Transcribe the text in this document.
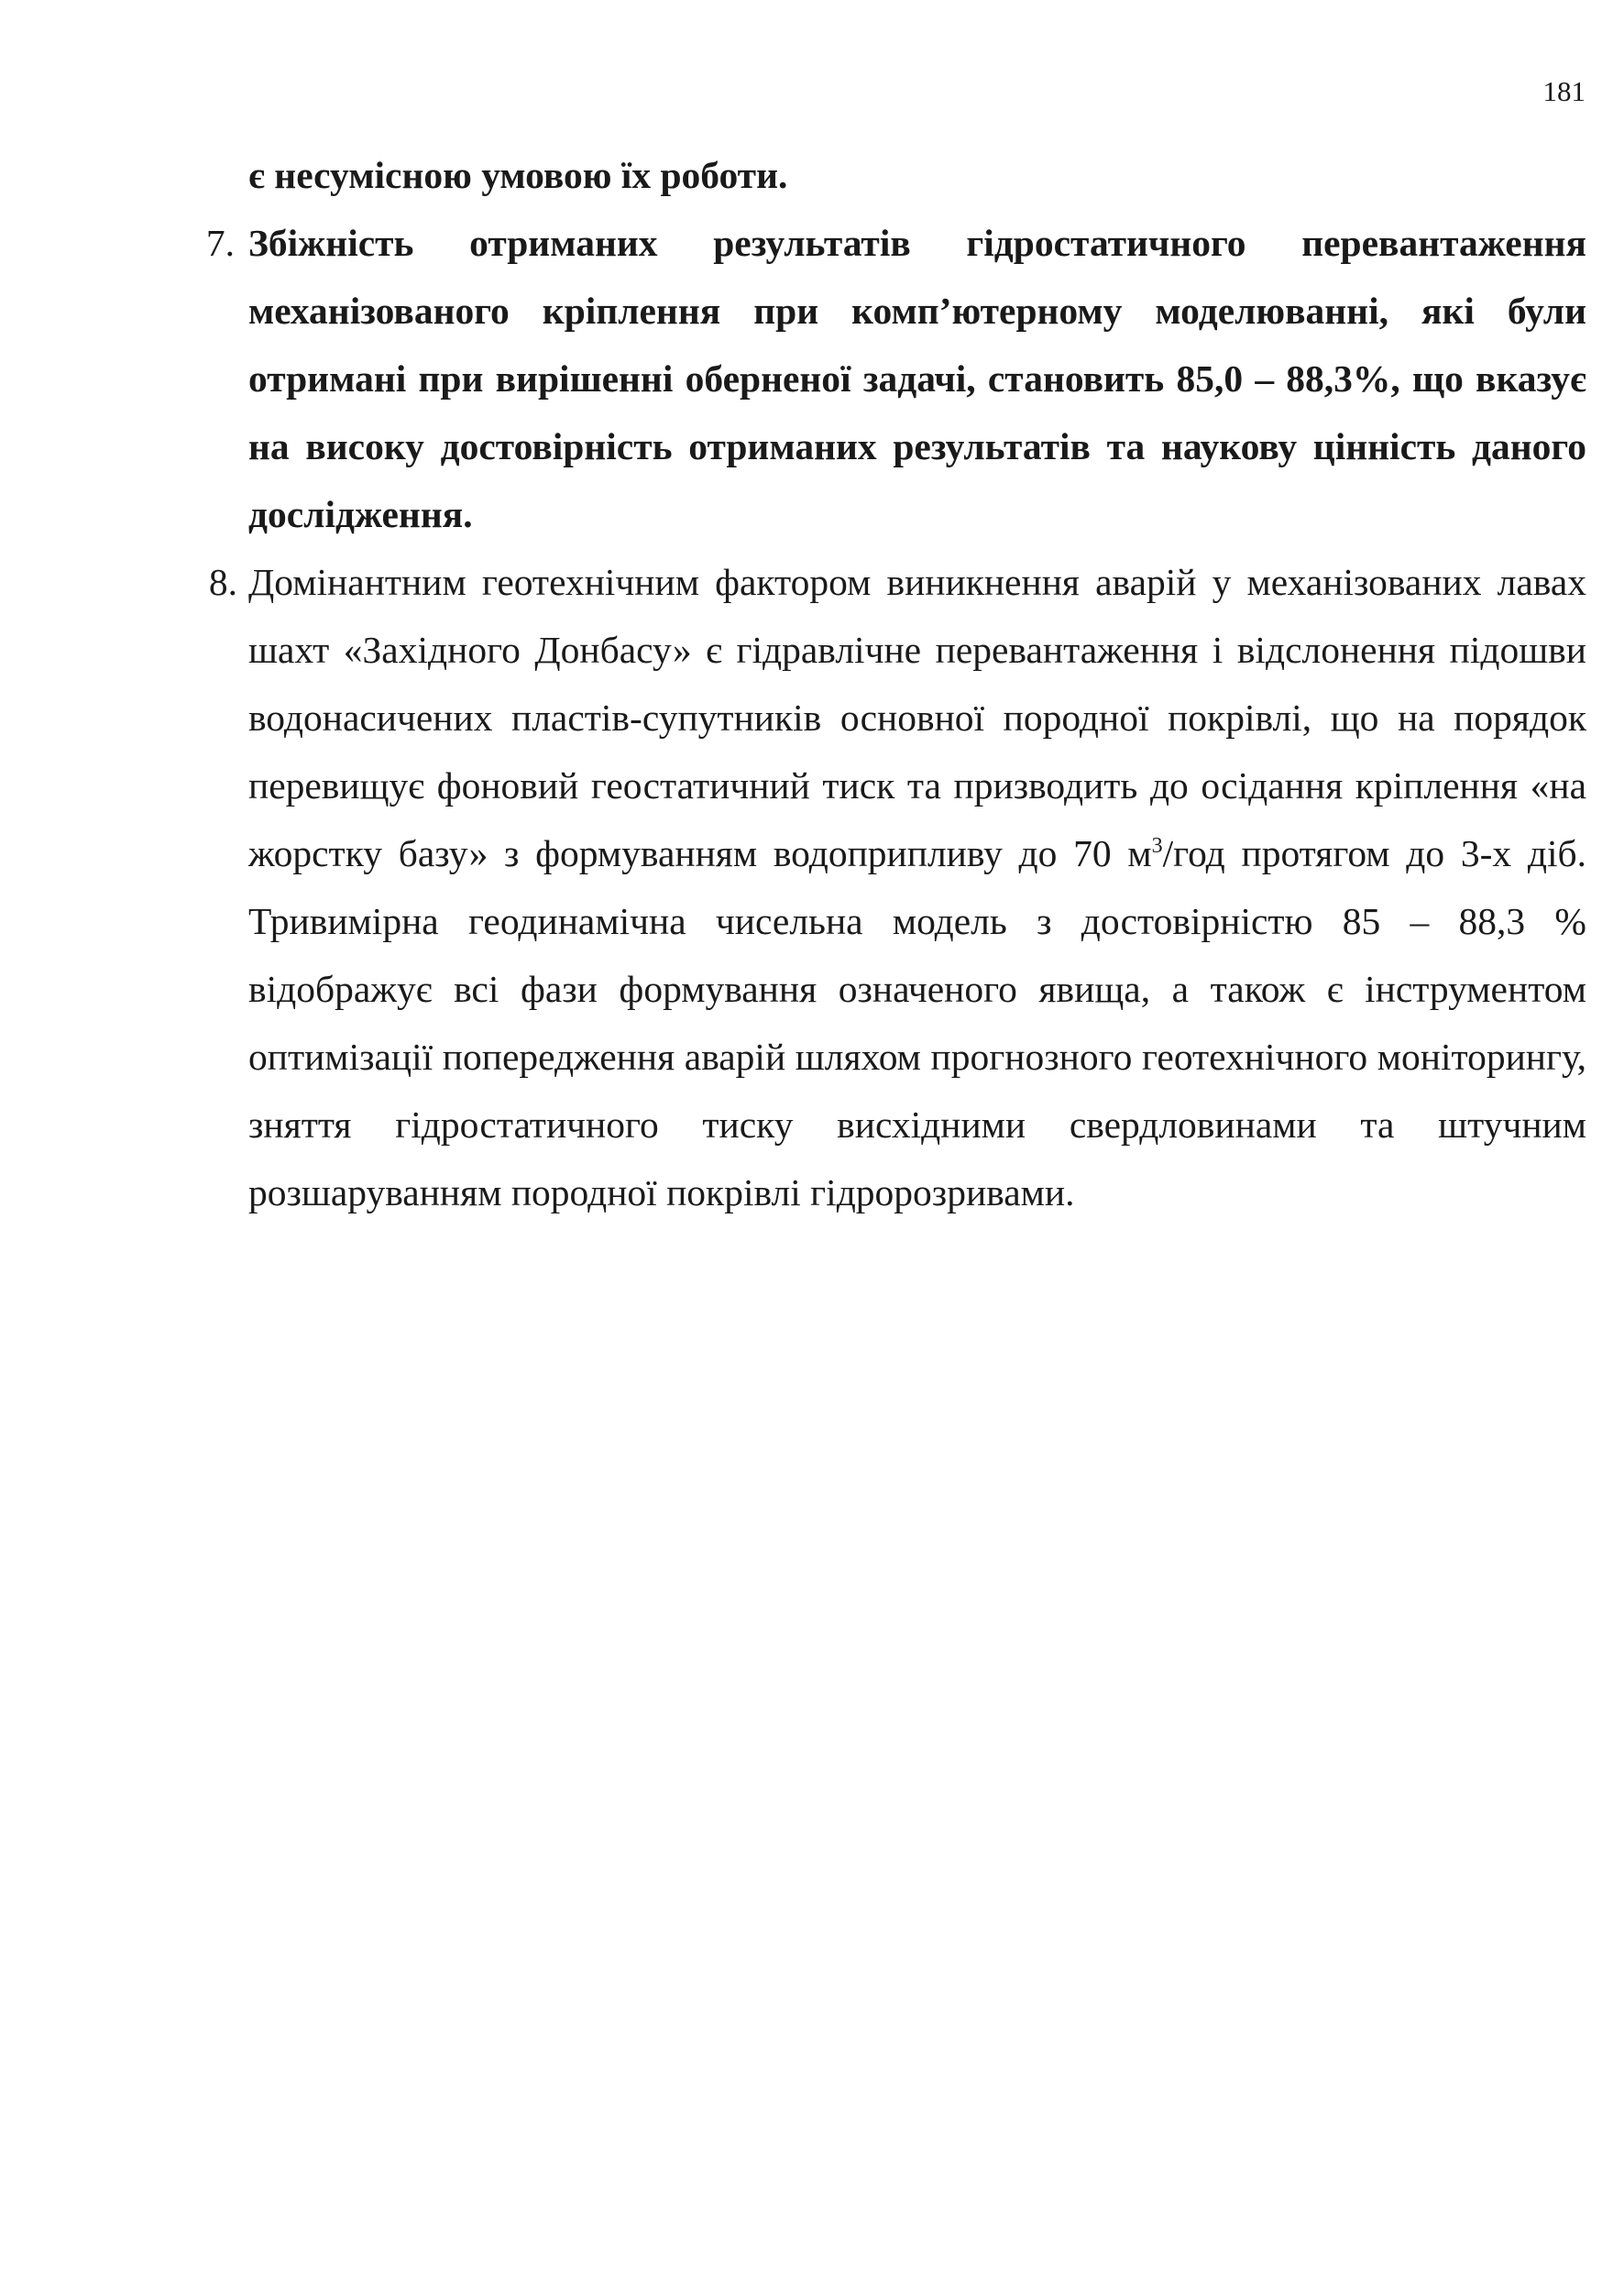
181

є несумісною умовою їх роботи.

7. Збіжність отриманих результатів гідростатичного перевантаження механізованого кріплення при комп’ютерному моделюванні, які були отримані при вирішенні оберненої задачі, становить 85,0 – 88,3%, що вказує на високу достовірність отриманих результатів та наукову цінність даного дослідження.

8. Домінантним геотехнічним фактором виникнення аварій у механізованих лавах шахт «Західного Донбасу» є гідравлічне перевантаження і відслонення підошви водонасичених пластів-супутників основної породної покрівлі, що на порядок перевищує фоновий геостатичний тиск та призводить до осідання кріплення «на жорстку базу» з формуванням водоприпливу до 70 $м^3$/год протягом до 3-х діб. Тривимірна геодинамічна чисельна модель з достовірністю 85 – 88,3 % відображує всі фази формування означеного явища, а також є інструментом оптимізації попередження аварій шляхом прогнозного геотехнічного моніторингу, зняття гідростатичного тиску висхідними свердловинами та штучним розшаруванням породної покрівлі гідророзривами.
